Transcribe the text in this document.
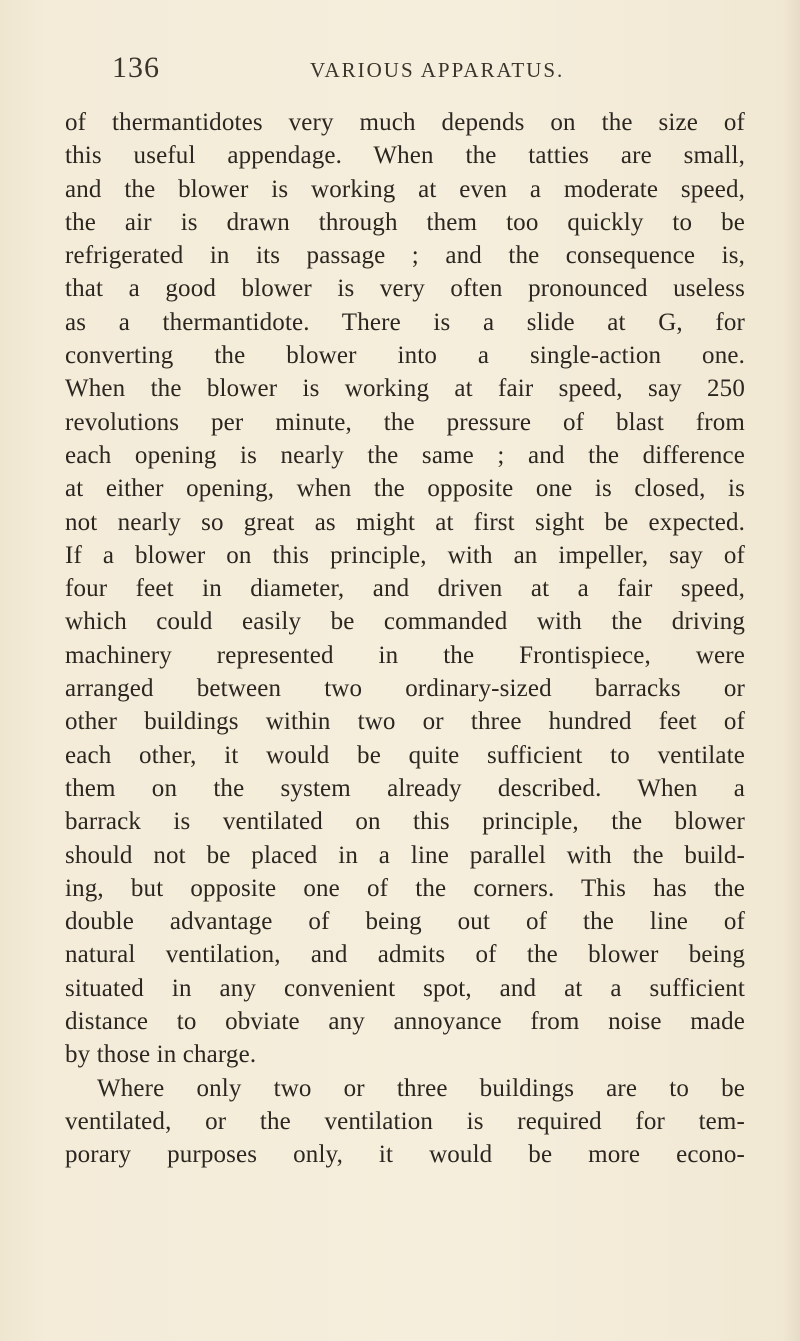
136	VARIOUS APPARATUS.
of thermantidotes very much depends on the size of
this useful appendage. When the tatties are small,
and the blower is working at even a moderate speed,
the air is drawn through them too quickly to be
refrigerated in its passage ; and the consequence is,
that a good blower is very often pronounced useless
as a thermantidote. There is a slide at G, for
converting the blower into a single-action one.
When the blower is working at fair speed, say 250
revolutions per minute, the pressure of blast from
each opening is nearly the same ; and the difference
at either opening, when the opposite one is closed, is
not nearly so great as might at first sight be expected.
If a blower on this principle, with an impeller, say of
four feet in diameter, and driven at a fair speed,
which could easily be commanded with the driving
machinery represented in the Frontispiece, were
arranged between two ordinary-sized barracks or
other buildings within two or three hundred feet of
each other, it would be quite sufficient to ventilate
them on the system already described. When a
barrack is ventilated on this principle, the blower
should not be placed in a line parallel with the build-
ing, but opposite one of the corners. This has the
double advantage of being out of the line of
natural ventilation, and admits of the blower being
situated in any convenient spot, and at a sufficient
distance to obviate any annoyance from noise made
by those in charge.
Where only two or three buildings are to be
ventilated, or the ventilation is required for tem-
porary purposes only, it would be more econo-
